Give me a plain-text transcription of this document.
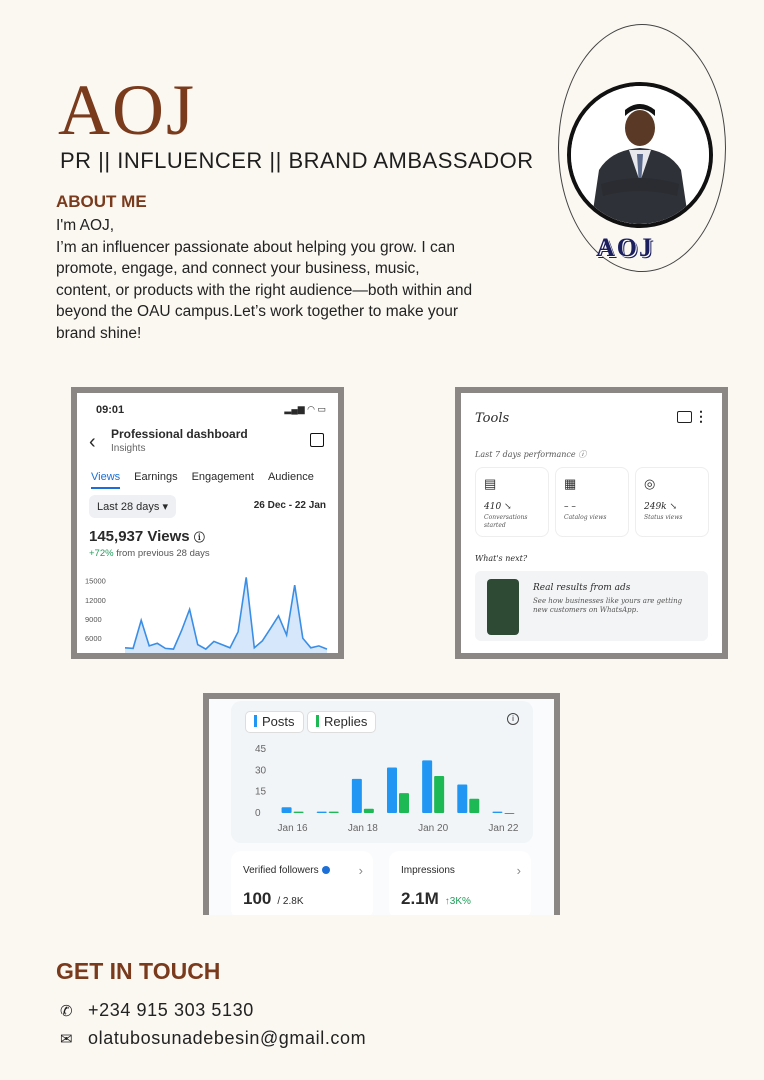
AOJ
PR || INFLUENCER || BRAND AMBASSADOR
ABOUT ME

I'm AOJ,

I’m an influencer passionate about helping you grow. I can promote, engage, and connect your business, music, content, or products with the right audience—both within and beyond the OAU campus.Let’s work together to make your brand shine!

AOJ
09:01	▂▄▆ ◠ ▭
‹ Professional dashboard
Insights
Views Earnings Engagement Audience
Last 28 days ▾	26 Dec - 22 Jan
145,937 Views ⓘ
+72% from previous 28 days
15000
12000
9000
6000
Tools	⋮
Last 7 days performance ⓘ
▤
410 ↘
Conversations started
▦
– –
Catalog views
◎
249k ↘
Status views
What's next?
Real results from ads
See how businesses like yours are getting new customers on WhatsApp.
Posts	Replies	i
45
30
15
0
Jan 16	Jan 18	Jan 20	Jan 22
Verified followers	›
100 / 2.8K
Impressions	›
2.1M ↑3K%
GET IN TOUCH
✆ +234 915 303 5130
✉ olatubosunadebesin@gmail.com
